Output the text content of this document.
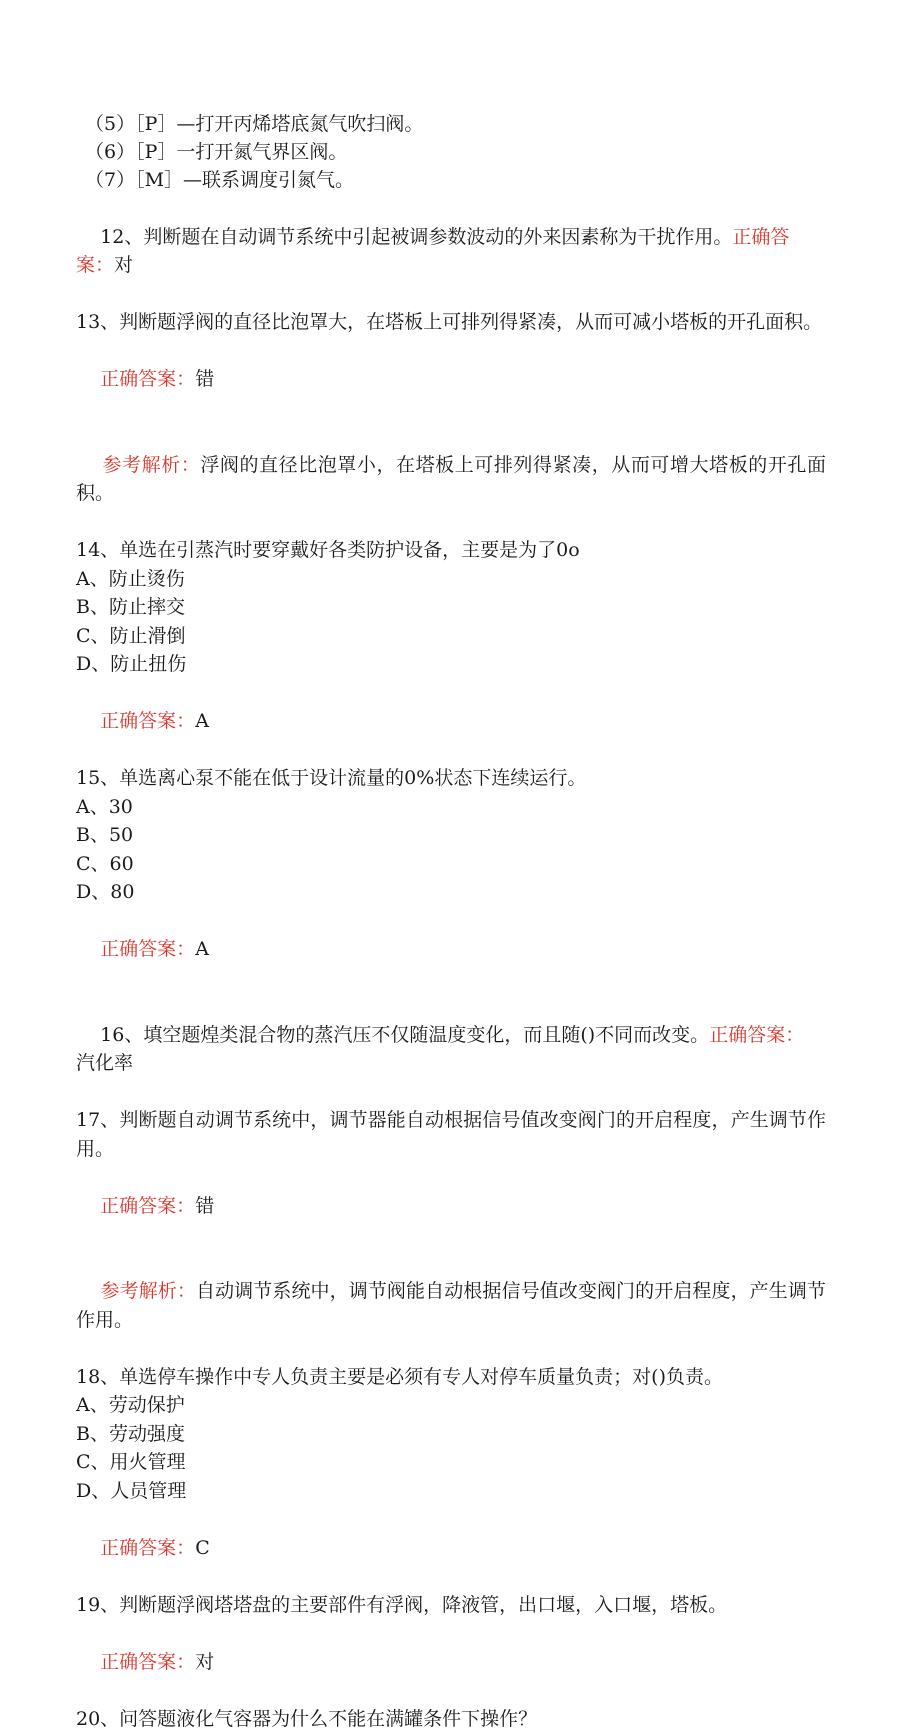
（5）［P］—打开丙烯塔底氮气吹扫阀。
（6）［P］一打开氮气界区阀。
（7）［M］—联系调度引氮气。

12、判断题在自动调节系统中引起被调参数波动的外来因素称为干扰作用。正确答
案：对

13、判断题浮阀的直径比泡罩大，在塔板上可排列得紧凑，从而可减小塔板的开孔面积。

正确答案：错

参考解析：浮阀的直径比泡罩小，在塔板上可排列得紧凑，从而可增大塔板的开孔面积。

14、单选在引蒸汽时要穿戴好各类防护设备，主要是为了0o
A、防止烫伤
B、防止摔交
C、防止滑倒
D、防止扭伤

正确答案：A

15、单选离心泵不能在低于设计流量的0%状态下连续运行。
A、30
B、50
C、60
D、80

正确答案：A

16、填空题煌类混合物的蒸汽压不仅随温度变化，而且随()不同而改变。正确答案：
汽化率

17、判断题自动调节系统中，调节器能自动根据信号值改变阀门的开启程度，产生调节作用。

正确答案：错

参考解析：自动调节系统中，调节阀能自动根据信号值改变阀门的开启程度，产生调节作用。

18、单选停车操作中专人负责主要是必须有专人对停车质量负责；对()负责。
A、劳动保护
B、劳动强度
C、用火管理
D、人员管理

正确答案：C

19、判断题浮阀塔塔盘的主要部件有浮阀，降液管，出口堰，入口堰，塔板。

正确答案：对

20、问答题液化气容器为什么不能在满罐条件下操作？
